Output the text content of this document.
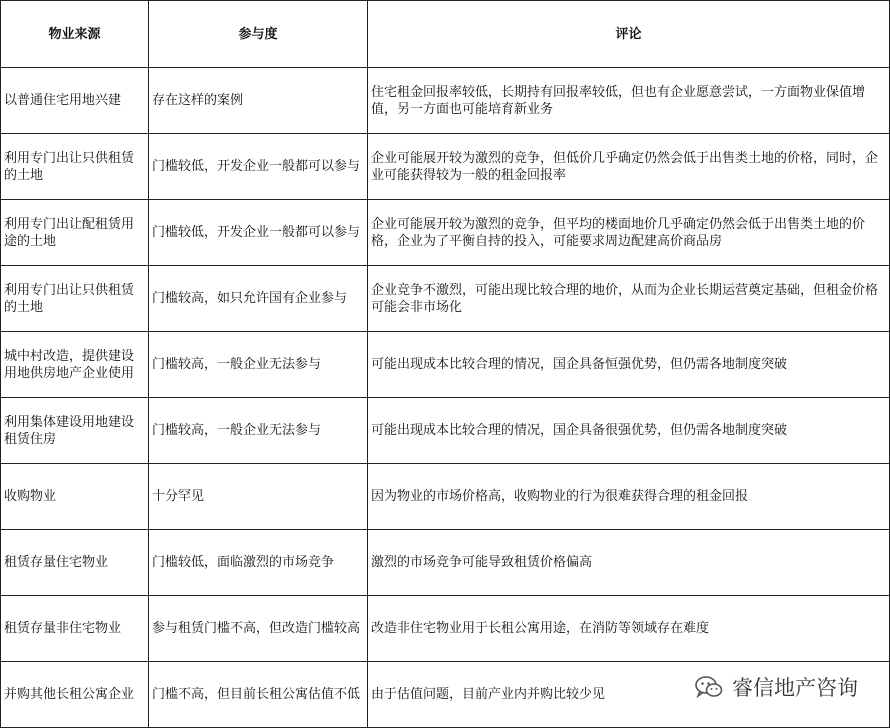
物业来源	参与度	评论
以普通住宅用地兴建	存在这样的案例	住宅租金回报率较低，长期持有回报率较低，但也有企业愿意尝试，一方面物业保值增值，另一方面也可能培育新业务
利用专门出让只供租赁的土地	门槛较低，开发企业一般都可以参与	企业可能展开较为激烈的竞争，但低价几乎确定仍然会低于出售类土地的价格，同时，企业可能获得较为一般的租金回报率
利用专门出让配租赁用途的土地	门槛较低，开发企业一般都可以参与	企业可能展开较为激烈的竞争，但平均的楼面地价几乎确定仍然会低于出售类土地的价格，企业为了平衡自持的投入，可能要求周边配建高价商品房
利用专门出让只供租赁的土地	门槛较高，如只允许国有企业参与	企业竞争不激烈，可能出现比较合理的地价，从而为企业长期运营奠定基础，但租金价格可能会非市场化
城中村改造，提供建设用地供房地产企业使用	门槛较高，一般企业无法参与	可能出现成本比较合理的情况，国企具备恒强优势，但仍需各地制度突破
利用集体建设用地建设租赁住房	门槛较高，一般企业无法参与	可能出现成本比较合理的情况，国企具备很强优势，但仍需各地制度突破
收购物业	十分罕见	因为物业的市场价格高，收购物业的行为很难获得合理的租金回报
租赁存量住宅物业	门槛较低，面临激烈的市场竞争	激烈的市场竞争可能导致租赁价格偏高
租赁存量非住宅物业	参与租赁门槛不高，但改造门槛较高	改造非住宅物业用于长租公寓用途，在消防等领域存在难度
并购其他长租公寓企业	门槛不高，但目前长租公寓估值不低	由于估值问题，目前产业内并购比较少见	睿信地产咨询
